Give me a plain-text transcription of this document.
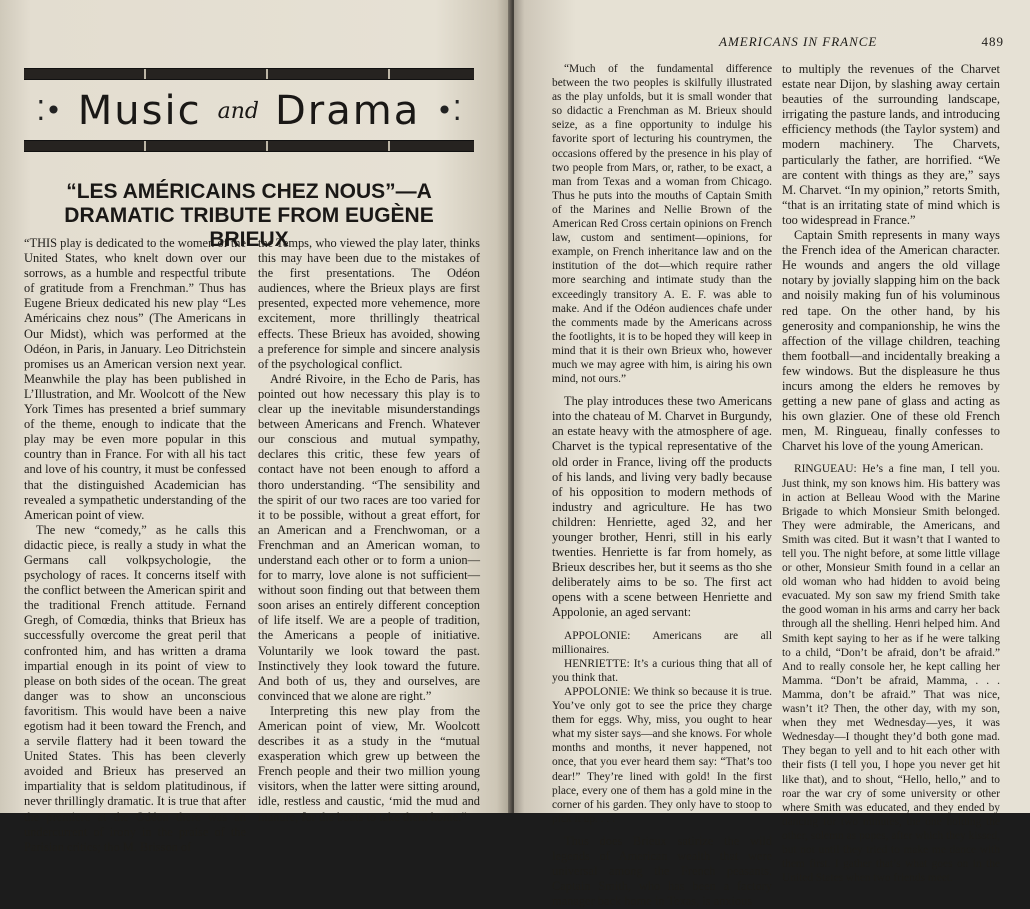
⁚• Music and Drama •⁚
“LES AMÉRICAINS CHEZ NOUS”—A DRAMATIC TRIBUTE FROM EUGÈNE BRIEUX

“THIS play is dedicated to the women of the United States, who knelt down over our sorrows, as a humble and respectful tribute of gratitude from a Frenchman.” Thus has Eugene Brieux dedicated his new play “Les Américains chez nous” (The Americans in Our Midst), which was performed at the Odéon, in Paris, in January. Leo Ditrichstein promises us an American version next year. Meanwhile the play has been published in L’Illustration, and Mr. Woolcott of the New York Times has presented a brief summary of the theme, enough to indicate that the play may be even more popular in this country than in France. For with all his tact and love of his country, it must be confessed that the distinguished Academician has revealed a sympathetic understanding of the American point of view.

The new “comedy,” as he calls this didactic piece, is really a study in what the Germans call volkpsychologie, the psychology of races. It concerns itself with the conflict between the American spirit and the traditional French attitude. Fernand Gregh, of Comœdia, thinks that Brieux has successfully overcome the great peril that confronted him, and has written a drama impartial enough in its point of view to please on both sides of the ocean. The great danger was to show an unconscious favoritism. This would have been a naive egotism had it been toward the French, and a servile flattery had it been toward the United States. This has been cleverly avoided and Brieux has preserved an impartiality that is seldom platitudinous, if never thrillingly dramatic. It is true that after the premiere at the Odéon there was an undercurrent of irony in the praise of the Parisian critics; tho M. Brisson of

the Temps, who viewed the play later, thinks this may have been due to the mistakes of the first presentations. The Odéon audiences, where the Brieux plays are first presented, expected more vehemence, more excitement, more thrillingly theatrical effects. These Brieux has avoided, showing a preference for simple and sincere analysis of the psychological conflict.

André Rivoire, in the Echo de Paris, has pointed out how necessary this play is to clear up the inevitable misunderstandings between Americans and French. Whatever our conscious and mutual sympathy, declares this critic, these few years of contact have not been enough to afford a thoro understanding. “The sensibility and the spirit of our two races are too varied for it to be possible, without a great effort, for an American and a Frenchwoman, or a Frenchman and an American woman, to understand each other or to form a union—for to marry, love alone is not sufficient—without soon finding out that between them soon arises an entirely different conception of life itself. We are a people of tradition, the Americans a people of initiative. Voluntarily we look toward the past. Instinctively they look toward the future. And both of us, they and ourselves, are convinced that we alone are right.”

Interpreting this new play from the American point of view, Mr. Woolcott describes it as a study in the “mutual exasperation which grew up between the French people and their two million young visitors, when the latter were sitting around, idle, restless and caustic, ‘mid the mud and manure, for the boats to take them home.”

AMERICANS IN FRANCE	489

“Much of the fundamental difference between the two peoples is skilfully illustrated as the play unfolds, but it is small wonder that so didactic a Frenchman as M. Brieux should seize, as a fine opportunity to indulge his favorite sport of lecturing his countrymen, the occasions offered by the presence in his play of two people from Mars, or, rather, to be exact, a man from Texas and a woman from Chicago. Thus he puts into the mouths of Captain Smith of the Marines and Nellie Brown of the American Red Cross certain opinions on French law, custom and sentiment—opinions, for example, on French inheritance law and on the institution of the dot—which require rather more searching and intimate study than the exceedingly transitory A. E. F. was able to make. And if the Odéon audiences chafe under the comments made by the Americans across the footlights, it is to be hoped they will keep in mind that it is their own Brieux who, however much we may agree with him, is airing his own mind, not ours.”

The play introduces these two Americans into the chateau of M. Charvet in Burgundy, an estate heavy with the atmosphere of age. Charvet is the typical representative of the old order in France, living off the products of his lands, and living very badly because of his opposition to modern methods of industry and agriculture. He has two children: Henriette, aged 32, and her younger brother, Henri, still in his early twenties. Henriette is far from homely, as Brieux describes her, but it seems as tho she deliberately aims to be so. The first act opens with a scene between Henriette and Appolonie, an aged servant:

APPOLONIE: Americans are all millionaires.

HENRIETTE: It’s a curious thing that all of you think that.

APPOLONIE: We think so because it is true. You’ve only got to see the price they charge them for eggs. Why, miss, you ought to hear what my sister says—and she knows. For whole months and months, it never happened, not once, that you ever heard them say: “That’s too dear!” They’re lined with gold! In the first place, every one of them has a gold mine in the corner of his garden. They only have to stoop to pick it up. . . .

Thus does Brieux satirize the wild legends of American wealth that were universal among the French peasants. Captain Smith, who has been a factory manager back home in Texas, is anxious

to multiply the revenues of the Charvet estate near Dijon, by slashing away certain beauties of the surrounding landscape, irrigating the pasture lands, and introducing efficiency methods (the Taylor system) and modern machinery. The Charvets, particularly the father, are horrified. “We are content with things as they are,” says M. Charvet. “In my opinion,” retorts Smith, “that is an irritating state of mind which is too widespread in France.”

Captain Smith represents in many ways the French idea of the American character. He wounds and angers the old village notary by jovially slapping him on the back and noisily making fun of his voluminous red tape. On the other hand, by his generosity and companionship, he wins the affection of the village children, teaching them football—and incidentally breaking a few windows. But the displeasure he thus incurs among the elders he removes by getting a new pane of glass and acting as his own glazier. One of these old French men, M. Ringueau, finally confesses to Charvet his love of the young American.

RINGUEAU: He’s a fine man, I tell you. Just think, my son knows him. His battery was in action at Belleau Wood with the Marine Brigade to which Monsieur Smith belonged. They were admirable, the Americans, and Smith was cited. But it wasn’t that I wanted to tell you. The night before, at some little village or other, Monsieur Smith found in a cellar an old woman who had hidden to avoid being evacuated. My son saw my friend Smith take the good woman in his arms and carry her back through all the shelling. Henri helped him. And Smith kept saying to her as if he were talking to a child, “Don’t be afraid, don’t be afraid.” And to really console her, he kept calling her Mamma. “Don’t be afraid, Mamma, . . . Mamma, don’t be afraid.” That was nice, wasn’t it? Then, the other day, with my son, when they met Wednesday—yes, it was Wednesday—I thought they’d both gone mad. They began to yell and to hit each other with their fists (I tell you, I hope you never get hit like that), and to shout, “Hello, hello,” and to roar the war cry of some university or other where Smith was educated, and they ended by dancing for two minutes, the one holding the other, solemn as popes, after which they kissed, but not until they tried to make me dance with them first. I gather that’s what goes on in the United States when two friends meet.
